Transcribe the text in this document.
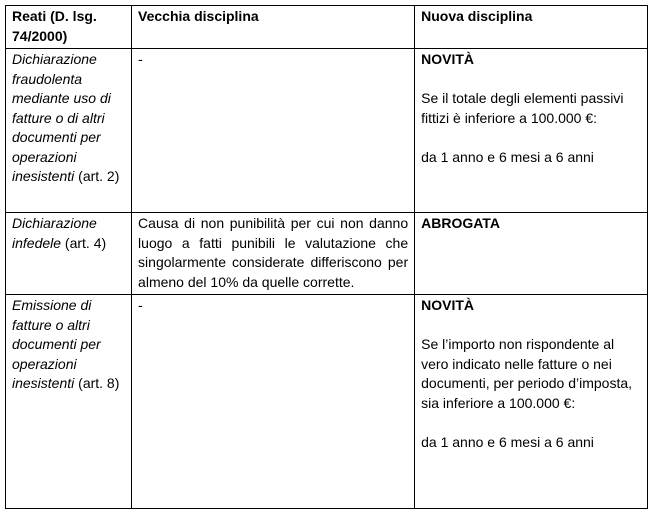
Reati (D. lsg. 74/2000)	Vecchia disciplina	Nuova disciplina
Dichiarazione fraudolenta mediante uso di fatture o di altri documenti per operazioni inesistenti (art. 2)	-	NOVITÀ

Se il totale degli elementi passivi fittizi è inferiore a 100.000 €:

da 1 anno e 6 mesi a 6 anni

Dichiarazione infedele (art. 4)	Causa di non punibilità per cui non danno luogo a fatti punibili le valutazione che singolarmente considerate differiscono per almeno del 10% da quelle corrette.	ABROGATA

Emissione di fatture o altri documenti per operazioni inesistenti (art. 8)	-	NOVITÀ

Se l’importo non rispondente al vero indicato nelle fatture o nei documenti, per periodo d’imposta, sia inferiore a 100.000 €:

da 1 anno e 6 mesi a 6 anni
